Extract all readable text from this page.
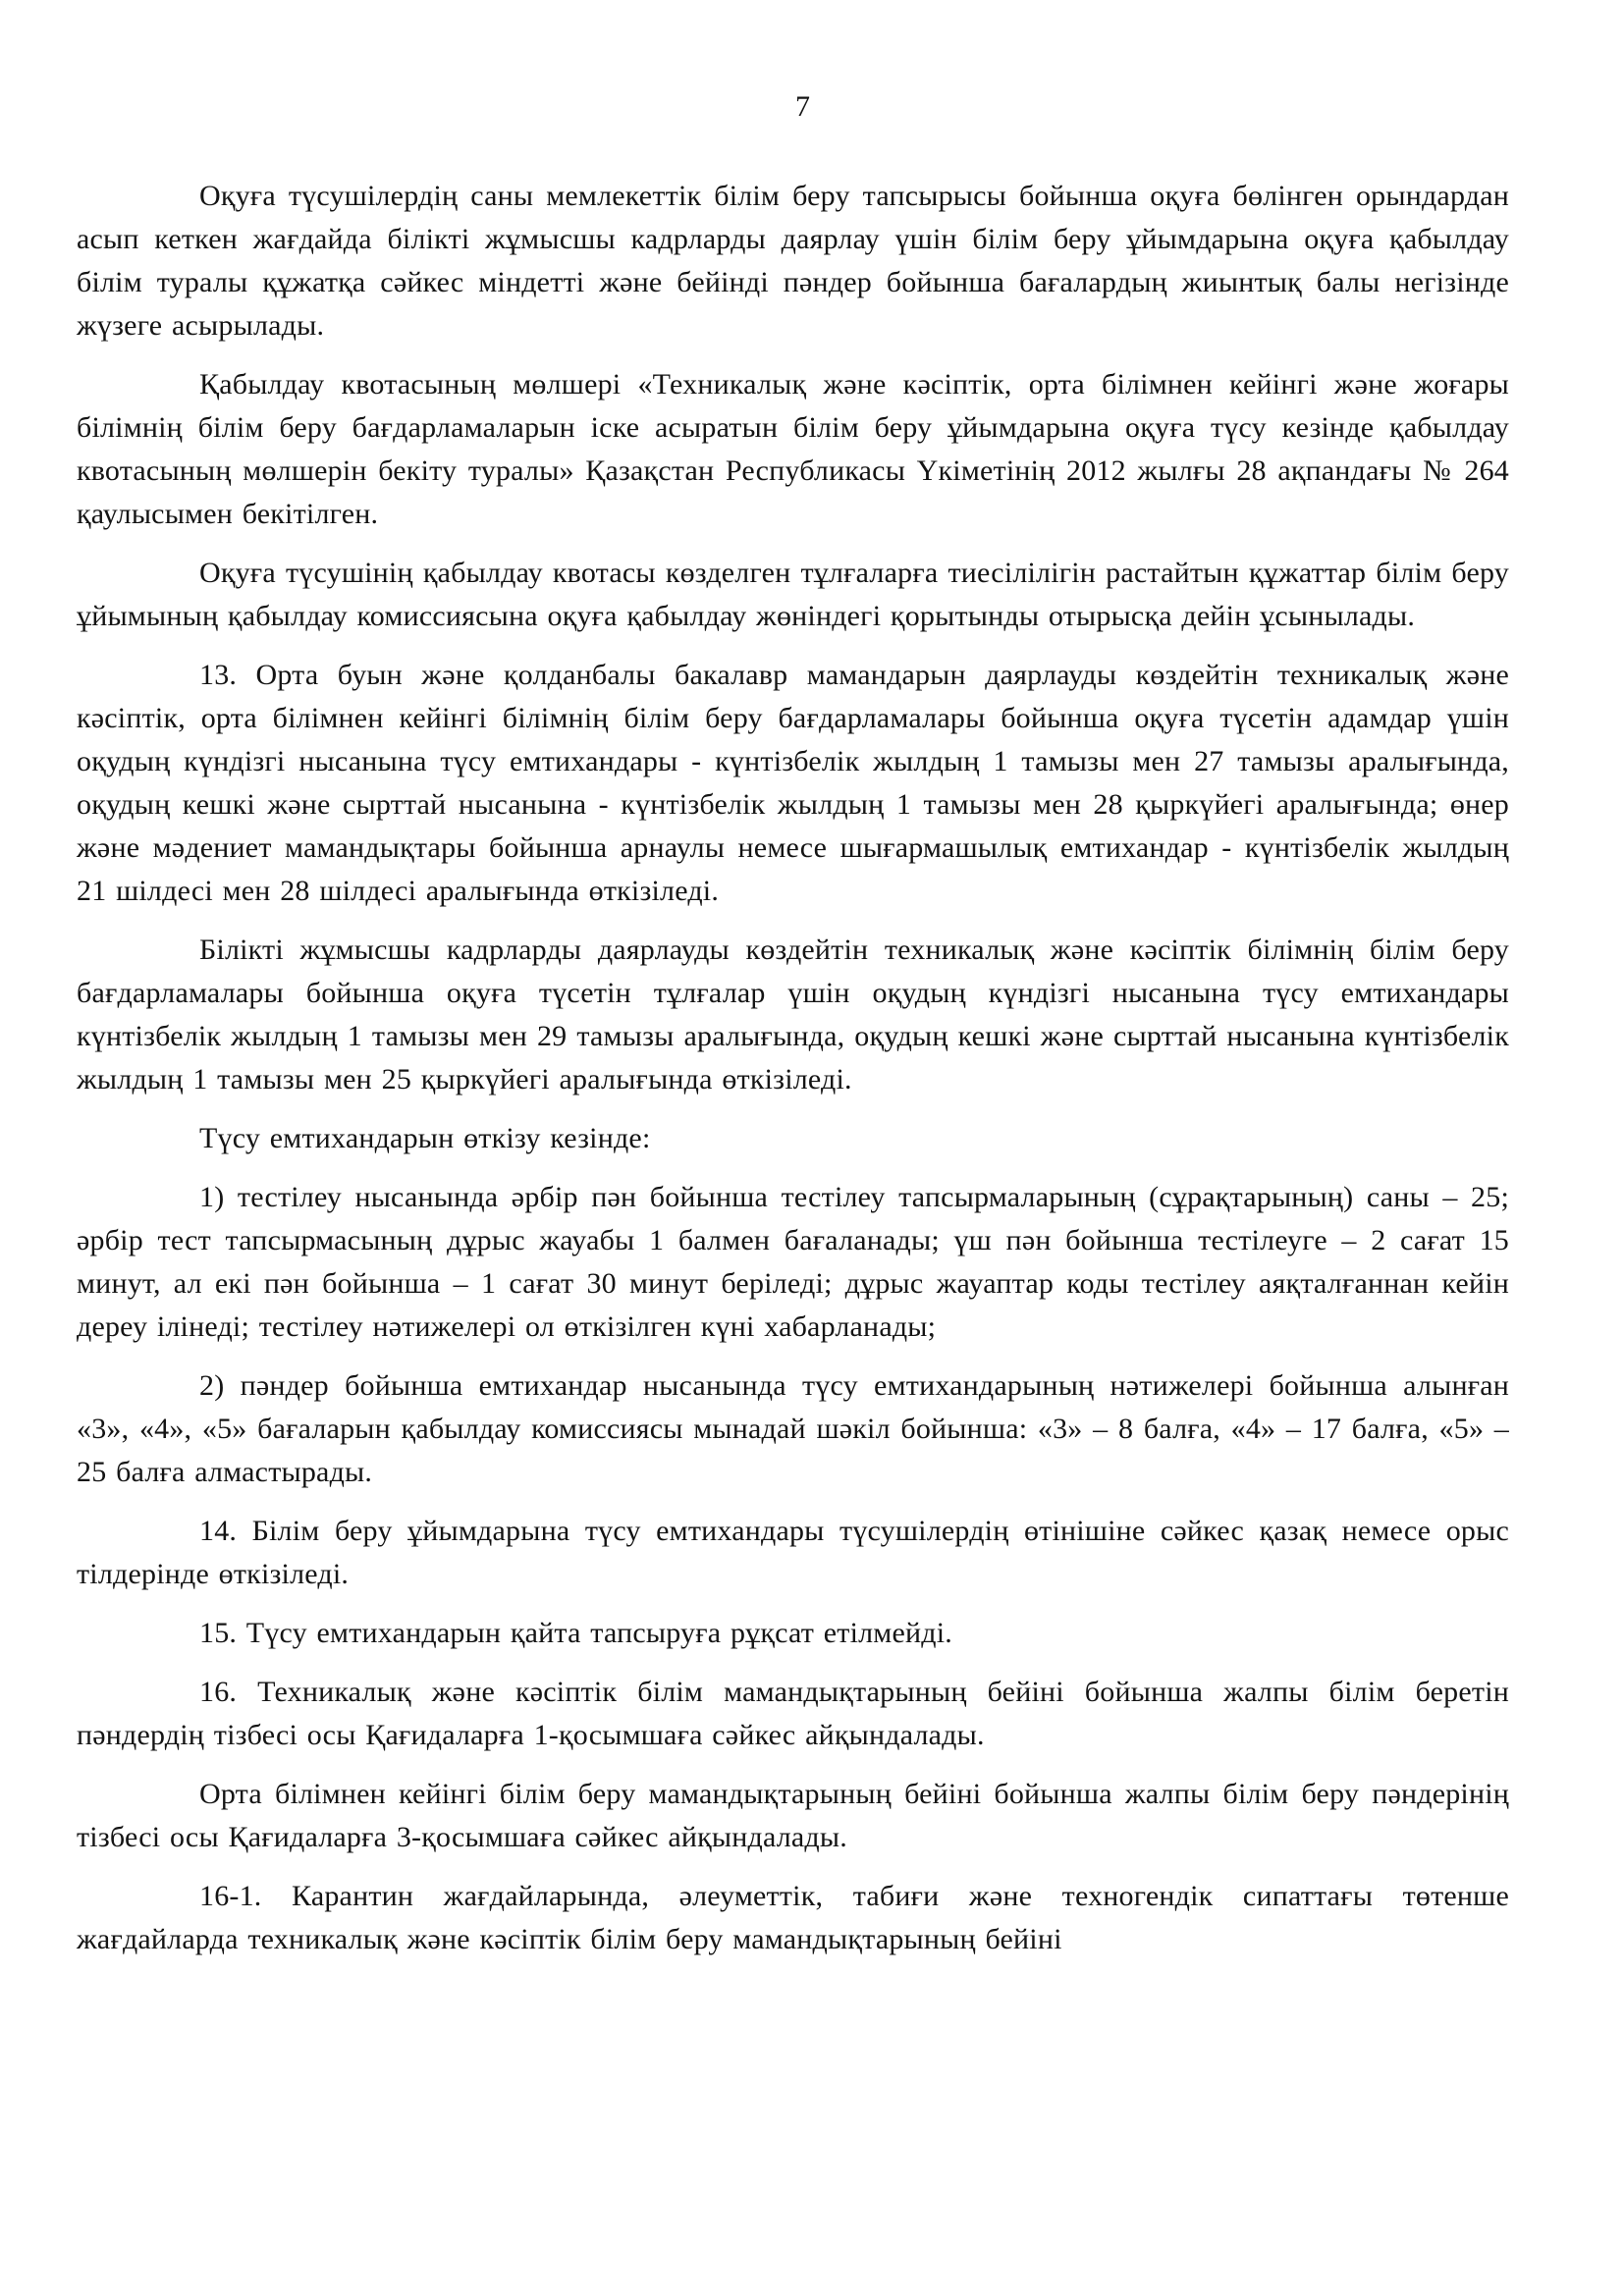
7

Оқуға түсушілердің саны мемлекеттік білім беру тапсырысы бойынша оқуға бөлінген орындардан асып кеткен жағдайда білікті жұмысшы кадрларды даярлау үшін білім беру ұйымдарына оқуға қабылдау білім туралы құжатқа сәйкес міндетті және бейінді пәндер бойынша бағалардың жиынтық балы негізінде жүзеге асырылады.

Қабылдау квотасының мөлшері «Техникалық және кәсіптік, орта білімнен кейінгі және жоғары білімнің білім беру бағдарламаларын іске асыратын білім беру ұйымдарына оқуға түсу кезінде қабылдау квотасының мөлшерін бекіту туралы» Қазақстан Республикасы Үкіметінің 2012 жылғы 28 ақпандағы № 264 қаулысымен бекітілген.

Оқуға түсушінің қабылдау квотасы көзделген тұлғаларға тиесілілігін растайтын құжаттар білім беру ұйымының қабылдау комиссиясына оқуға қабылдау жөніндегі қорытынды отырысқа дейін ұсынылады.

13. Орта буын және қолданбалы бакалавр мамандарын даярлауды көздейтін техникалық және кәсіптік, орта білімнен кейінгі білімнің білім беру бағдарламалары бойынша оқуға түсетін адамдар үшін оқудың күндізгі нысанына түсу емтихандары - күнтізбелік жылдың 1 тамызы мен 27 тамызы аралығында, оқудың кешкі және сырттай нысанына - күнтізбелік жылдың 1 тамызы мен 28 қыркүйегі аралығында; өнер және мәдениет мамандықтары бойынша арнаулы немесе шығармашылық емтихандар - күнтізбелік жылдың 21 шілдесі мен 28 шілдесі аралығында өткізіледі.

Білікті жұмысшы кадрларды даярлауды көздейтін техникалық және кәсіптік білімнің білім беру бағдарламалары бойынша оқуға түсетін тұлғалар үшін оқудың күндізгі нысанына түсу емтихандары күнтізбелік жылдың 1 тамызы мен 29 тамызы аралығында, оқудың кешкі және сырттай нысанына күнтізбелік жылдың 1 тамызы мен 25 қыркүйегі аралығында өткізіледі.

Түсу емтихандарын өткізу кезінде:

1) тестілеу нысанында әрбір пән бойынша тестілеу тапсырмаларының (сұрақтарының) саны – 25; әрбір тест тапсырмасының дұрыс жауабы 1 балмен бағаланады; үш пән бойынша тестілеуге – 2 сағат 15 минут, ал екі пән бойынша – 1 сағат 30 минут беріледі; дұрыс жауаптар коды тестілеу аяқталғаннан кейін дереу ілінеді; тестілеу нәтижелері ол өткізілген күні хабарланады;

2) пәндер бойынша емтихандар нысанында түсу емтихандарының нәтижелері бойынша алынған «3», «4», «5» бағаларын қабылдау комиссиясы мынадай шәкіл бойынша: «3» – 8 балға, «4» – 17 балға, «5» – 25 балға алмастырады.

14. Білім беру ұйымдарына түсу емтихандары түсушілердің өтінішіне сәйкес қазақ немесе орыс тілдерінде өткізіледі.

15. Түсу емтихандарын қайта тапсыруға рұқсат етілмейді.

16. Техникалық және кәсіптік білім мамандықтарының бейіні бойынша жалпы білім беретін пәндердің тізбесі осы Қағидаларға 1-қосымшаға сәйкес айқындалады.

Орта білімнен кейінгі білім беру мамандықтарының бейіні бойынша жалпы білім беру пәндерінің тізбесі осы Қағидаларға 3-қосымшаға сәйкес айқындалады.

16-1. Карантин жағдайларында, әлеуметтік, табиғи және техногендік сипаттағы төтенше жағдайларда техникалық және кәсіптік білім беру мамандықтарының бейіні
